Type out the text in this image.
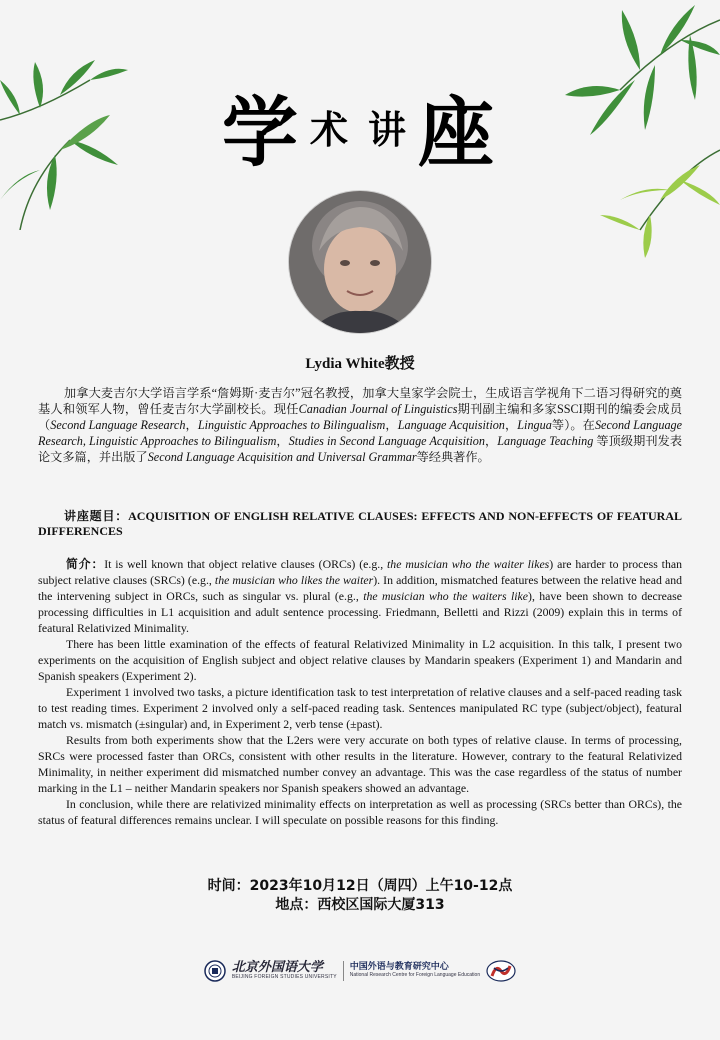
学术 讲 座
Lydia White教授
加拿大麦吉尔大学语言学系“詹姆斯·麦吉尔”冠名教授，加拿大皇家学会院士，生成语言学视角下二语习得研究的奠基人和领军人物，曾任麦吉尔大学副校长。现任Canadian Journal of Linguistics期刊副主编和多家SSCI期刊的编委会成员（Second Language Research，Linguistic Approaches to Bilingualism，Language Acquisition，Lingua等）。在Second Language Research, Linguistic Approaches to Bilingualism，Studies in Second Language Acquisition，Language Teaching 等顶级期刊发表论文多篇，并出版了Second Language Acquisition and Universal Grammar等经典著作。
讲座题目：ACQUISITION OF ENGLISH RELATIVE CLAUSES: EFFECTS AND NON-EFFECTS OF FEATURAL DIFFERENCES

简介：It is well known that object relative clauses (ORCs) (e.g., the musician who the waiter likes) are harder to process than subject relative clauses (SRCs) (e.g., the musician who likes the waiter). In addition, mismatched features between the relative head and the intervening subject in ORCs, such as singular vs. plural (e.g., the musician who the waiters like), have been shown to decrease processing difficulties in L1 acquisition and adult sentence processing. Friedmann, Belletti and Rizzi (2009) explain this in terms of featural Relativized Minimality.

There has been little examination of the effects of featural Relativized Minimality in L2 acquisition. In this talk, I present two experiments on the acquisition of English subject and object relative clauses by Mandarin speakers (Experiment 1) and Mandarin and Spanish speakers (Experiment 2).

Experiment 1 involved two tasks, a picture identification task to test interpretation of relative clauses and a self-paced reading task to test reading times. Experiment 2 involved only a self-paced reading task. Sentences manipulated RC type (subject/object), featural match vs. mismatch (±singular) and, in Experiment 2, verb tense (±past).

Results from both experiments show that the L2ers were very accurate on both types of relative clause. In terms of processing, SRCs were processed faster than ORCs, consistent with other results in the literature. However, contrary to the featural Relativized Minimality, in neither experiment did mismatched number convey an advantage. This was the case regardless of the status of number marking in the L1 – neither Mandarin speakers nor Spanish speakers showed an advantage.

In conclusion, while there are relativized minimality effects on interpretation as well as processing (SRCs better than ORCs), the status of featural differences remains unclear. I will speculate on possible reasons for this finding.

时间：2023年10月12日（周四）上午10-12点
地点：西校区国际大厦313
北京外国语大学
BEIJING FOREIGN STUDIES UNIVERSITY
中国外语与教育研究中心
National Research Centre for Foreign Language Education
